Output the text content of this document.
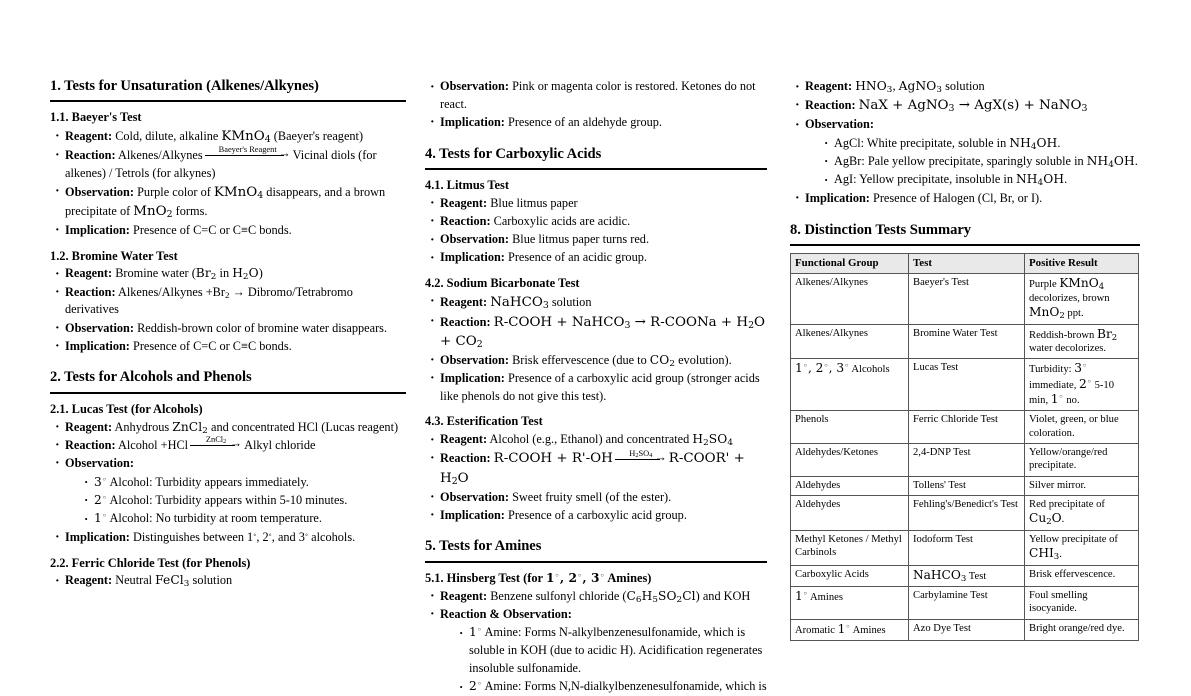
1. Tests for Unsaturation (Alkenes/Alkynes)
1.1. Baeyer's Test
· Reagent: Cold, dilute, alkaline KMnO$_4$ (Baeyer's reagent)
· Reaction: Alkenes/Alkynes	Baeyer's Reagent → Vicinal diols (for alkenes) / Tetrols (for alkynes)
· Observation: Purple color of KMnO$_4$ disappears, and a brown precipitate of MnO$_2$ forms.
· Implication: Presence of C=C or C≡C bonds.
1.2. Bromine Water Test
· Reagent: Bromine water ($Br_2$ in $H_2O$)
· Reaction: Alkenes/Alkynes $+Br_2$ → Dibromo/Tetrabromo derivatives
· Observation: Reddish-brown color of bromine water disappears.
· Implication: Presence of C=C or C≡C bonds.
2. Tests for Alcohols and Phenols
2.1. Lucas Test (for Alcohols)
· Reagent: Anhydrous ZnCl$_2$ and concentrated HCl (Lucas reagent)
· Reaction: Alcohol +HCl	ZnCl$_2$ → Alkyl chloride
· Observation:
· 3◦ Alcohol: Turbidity appears immediately.
· 2◦ Alcohol: Turbidity appears within 5-10 minutes.
· 1◦ Alcohol: No turbidity at room temperature.
· Implication: Distinguishes between 1◦, 2◦, and 3◦ alcohols.
2.2. Ferric Chloride Test (for Phenols)
· Reagent: Neutral FeCl$_3$ solution
· Observation: Pink or magenta color is restored. Ketones do not react.
· Implication: Presence of an aldehyde group.
4. Tests for Carboxylic Acids
4.1. Litmus Test
· Reagent: Blue litmus paper
· Reaction: Carboxylic acids are acidic.
· Observation: Blue litmus paper turns red.
· Implication: Presence of an acidic group.
4.2. Sodium Bicarbonate Test
· Reagent: NaHCO$_3$ solution
· Reaction: R-COOH + NaHCO$_3$ → R-COONa + $H_2O + CO_2$
· Observation: Brisk effervescence (due to $CO_2$ evolution).
· Implication: Presence of a carboxylic acid group (stronger acids like phenols do not give this test).
4.3. Esterification Test
· Reagent: Alcohol (e.g., Ethanol) and concentrated $H_2SO_4$
· Reaction: R-COOH + R'-OH	$H_2SO_4$ → R-COOR' + $H_2O$
· Observation: Sweet fruity smell (of the ester).
· Implication: Presence of a carboxylic acid group.
5. Tests for Amines
5.1. Hinsberg Test (for 1◦, 2◦, 3◦ Amines)
· Reagent: Benzene sulfonyl chloride $(C_6H_5SO_2Cl)$ and KOH
· Reaction & Observation:
· 1◦ Amine: Forms N-alkylbenzenesulfonamide, which is soluble in KOH (due to acidic H). Acidification regenerates insoluble sulfonamide.
· 2◦ Amine: Forms N,N-dialkylbenzenesulfonamide, which is
· Reagent: $HNO_3$, AgNO$_3$ solution
· Reaction: NaX + AgNO$_3$ → AgX(s) + NaNO$_3$
· Observation:
· AgCl: White precipitate, soluble in $NH_4OH$.
· AgBr: Pale yellow precipitate, sparingly soluble in $NH_4OH$.
· AgI: Yellow precipitate, insoluble in $NH_4OH$.
· Implication: Presence of Halogen (Cl, Br, or I).
8. Distinction Tests Summary
Functional Group	Test	Positive Result
Alkenes/Alkynes	Baeyer's Test	Purple KMnO$_4$ decolorizes, brown MnO$_2$ ppt.
Alkenes/Alkynes	Bromine Water Test	Reddish-brown $Br_2$ water decolorizes.
1◦, 2◦, 3◦ Alcohols	Lucas Test	Turbidity: 3◦ immediate, 2◦ 5-10 min, 1◦ no.
Phenols	Ferric Chloride Test	Violet, green, or blue coloration.
Aldehydes/Ketones	2,4-DNP Test	Yellow/orange/red precipitate.
Aldehydes	Tollens' Test	Silver mirror.
Aldehydes	Fehling's/Benedict's Test	Red precipitate of $Cu_2O$.
Methyl Ketones / Methyl Carbinols	Iodoform Test	Yellow precipitate of $CHI_3$.
Carboxylic Acids	NaHCO$_3$ Test	Brisk effervescence.
1◦ Amines	Carbylamine Test	Foul smelling isocyanide.
Aromatic 1◦ Amines	Azo Dye Test	Bright orange/red dye.
